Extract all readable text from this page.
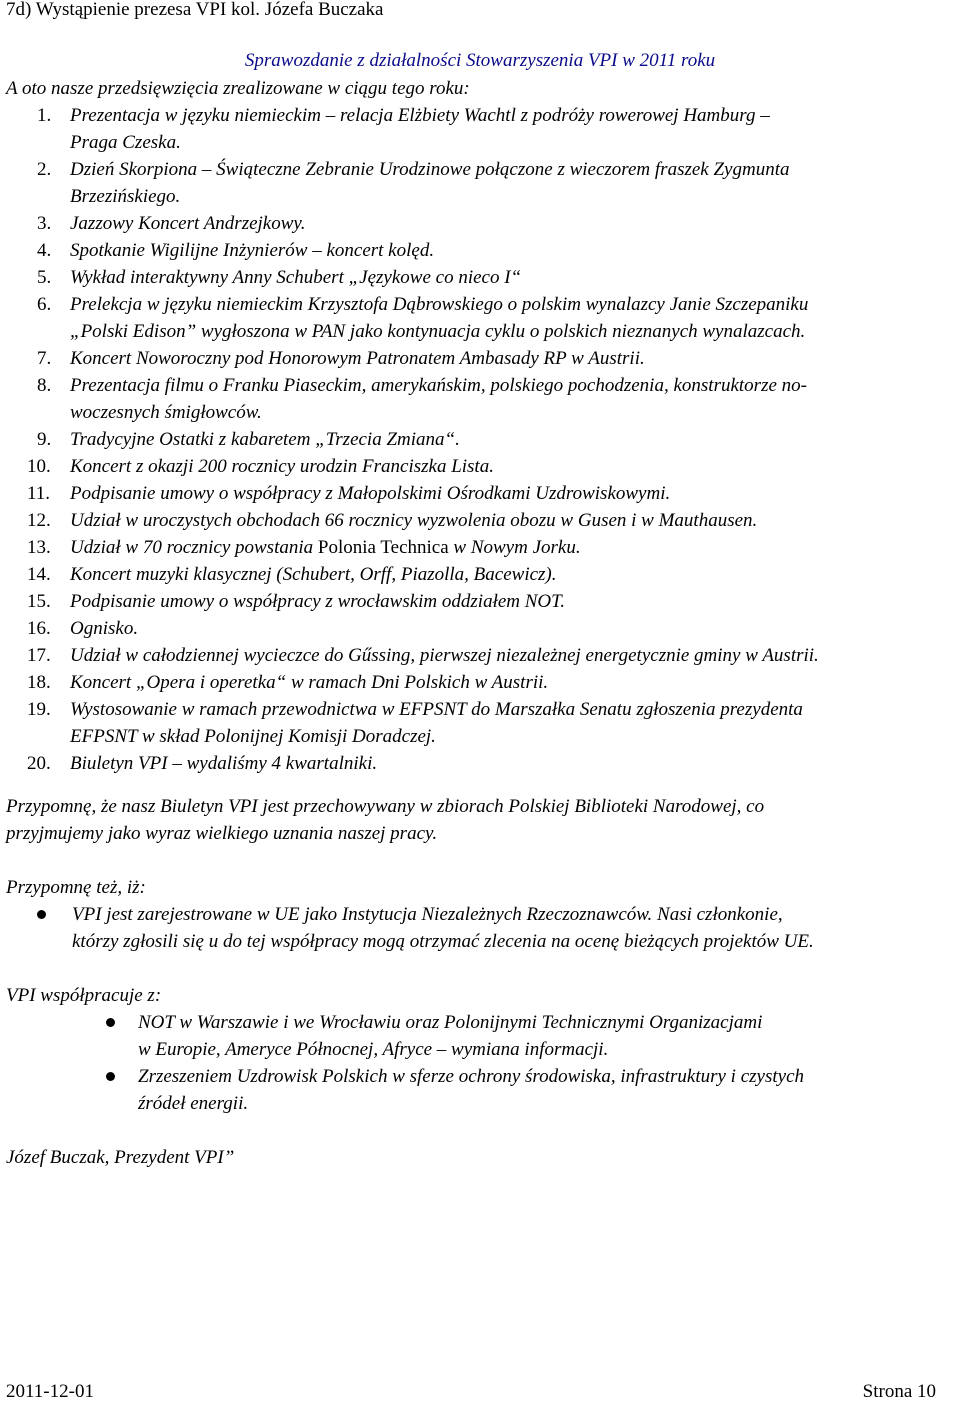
7d) Wystąpienie prezesa VPI kol. Józefa Buczaka
Sprawozdanie z działalności Stowarzyszenia VPI w 2011 roku
A oto nasze przedsięwzięcia zrealizowane w ciągu tego roku:
1. Prezentacja w języku niemieckim – relacja Elżbiety Wachtl z podróży rowerowej Hamburg –
Praga Czeska.
2. Dzień Skorpiona – Świąteczne Zebranie Urodzinowe połączone z wieczorem fraszek Zygmunta
Brzezińskiego.
3. Jazzowy Koncert Andrzejkowy.
4. Spotkanie Wigilijne Inżynierów – koncert kolęd.
5. Wykład interaktywny Anny Schubert „Językowe co nieco I“
6. Prelekcja w języku niemieckim Krzysztofa Dąbrowskiego o polskim wynalazcy Janie Szczepaniku
„Polski Edison” wygłoszona w PAN jako kontynuacja cyklu o polskich nieznanych wynalazcach.
7. Koncert Noworoczny pod Honorowym Patronatem Ambasady RP w Austrii.
8. Prezentacja filmu o Franku Piaseckim, amerykańskim, polskiego pochodzenia, konstruktorze no-
woczesnych śmigłowców.
9. Tradycyjne Ostatki z kabaretem „Trzecia Zmiana“.
10. Koncert z okazji 200 rocznicy urodzin Franciszka Lista.
11. Podpisanie umowy o współpracy z Małopolskimi Ośrodkami Uzdrowiskowymi.
12. Udział w uroczystych obchodach 66 rocznicy wyzwolenia obozu w Gusen i w Mauthausen.
13. Udział w 70 rocznicy powstania Polonia Technica w Nowym Jorku.
14. Koncert muzyki klasycznej (Schubert, Orff, Piazolla, Bacewicz).
15. Podpisanie umowy o współpracy z wrocławskim oddziałem NOT.
16. Ognisko.
17. Udział w całodziennej wycieczce do Gűssing, pierwszej niezależnej energetycznie gminy w Austrii.
18. Koncert „Opera i operetka“ w ramach Dni Polskich w Austrii.
19. Wystosowanie w ramach przewodnictwa w EFPSNT do Marszałka Senatu zgłoszenia prezydenta
EFPSNT w skład Polonijnej Komisji Doradczej.
20. Biuletyn VPI – wydaliśmy 4 kwartalniki.
Przypomnę, że nasz Biuletyn VPI jest przechowywany w zbiorach Polskiej Biblioteki Narodowej, co
przyjmujemy jako wyraz wielkiego uznania naszej pracy.
Przypomnę też, iż:
VPI jest zarejestrowane w UE jako Instytucja Niezależnych Rzeczoznawców. Nasi członkonie,
którzy zgłosili się u do tej współpracy mogą otrzymać zlecenia na ocenę bieżących projektów UE.
VPI współpracuje z:
NOT w Warszawie i we Wrocławiu oraz Polonijnymi Technicznymi Organizacjami
w Europie, Ameryce Północnej, Afryce – wymiana informacji.
Zrzeszeniem Uzdrowisk Polskich w sferze ochrony środowiska, infrastruktury i czystych
źródeł energii.
Józef Buczak, Prezydent VPI”
2011-12-01	Strona 10
